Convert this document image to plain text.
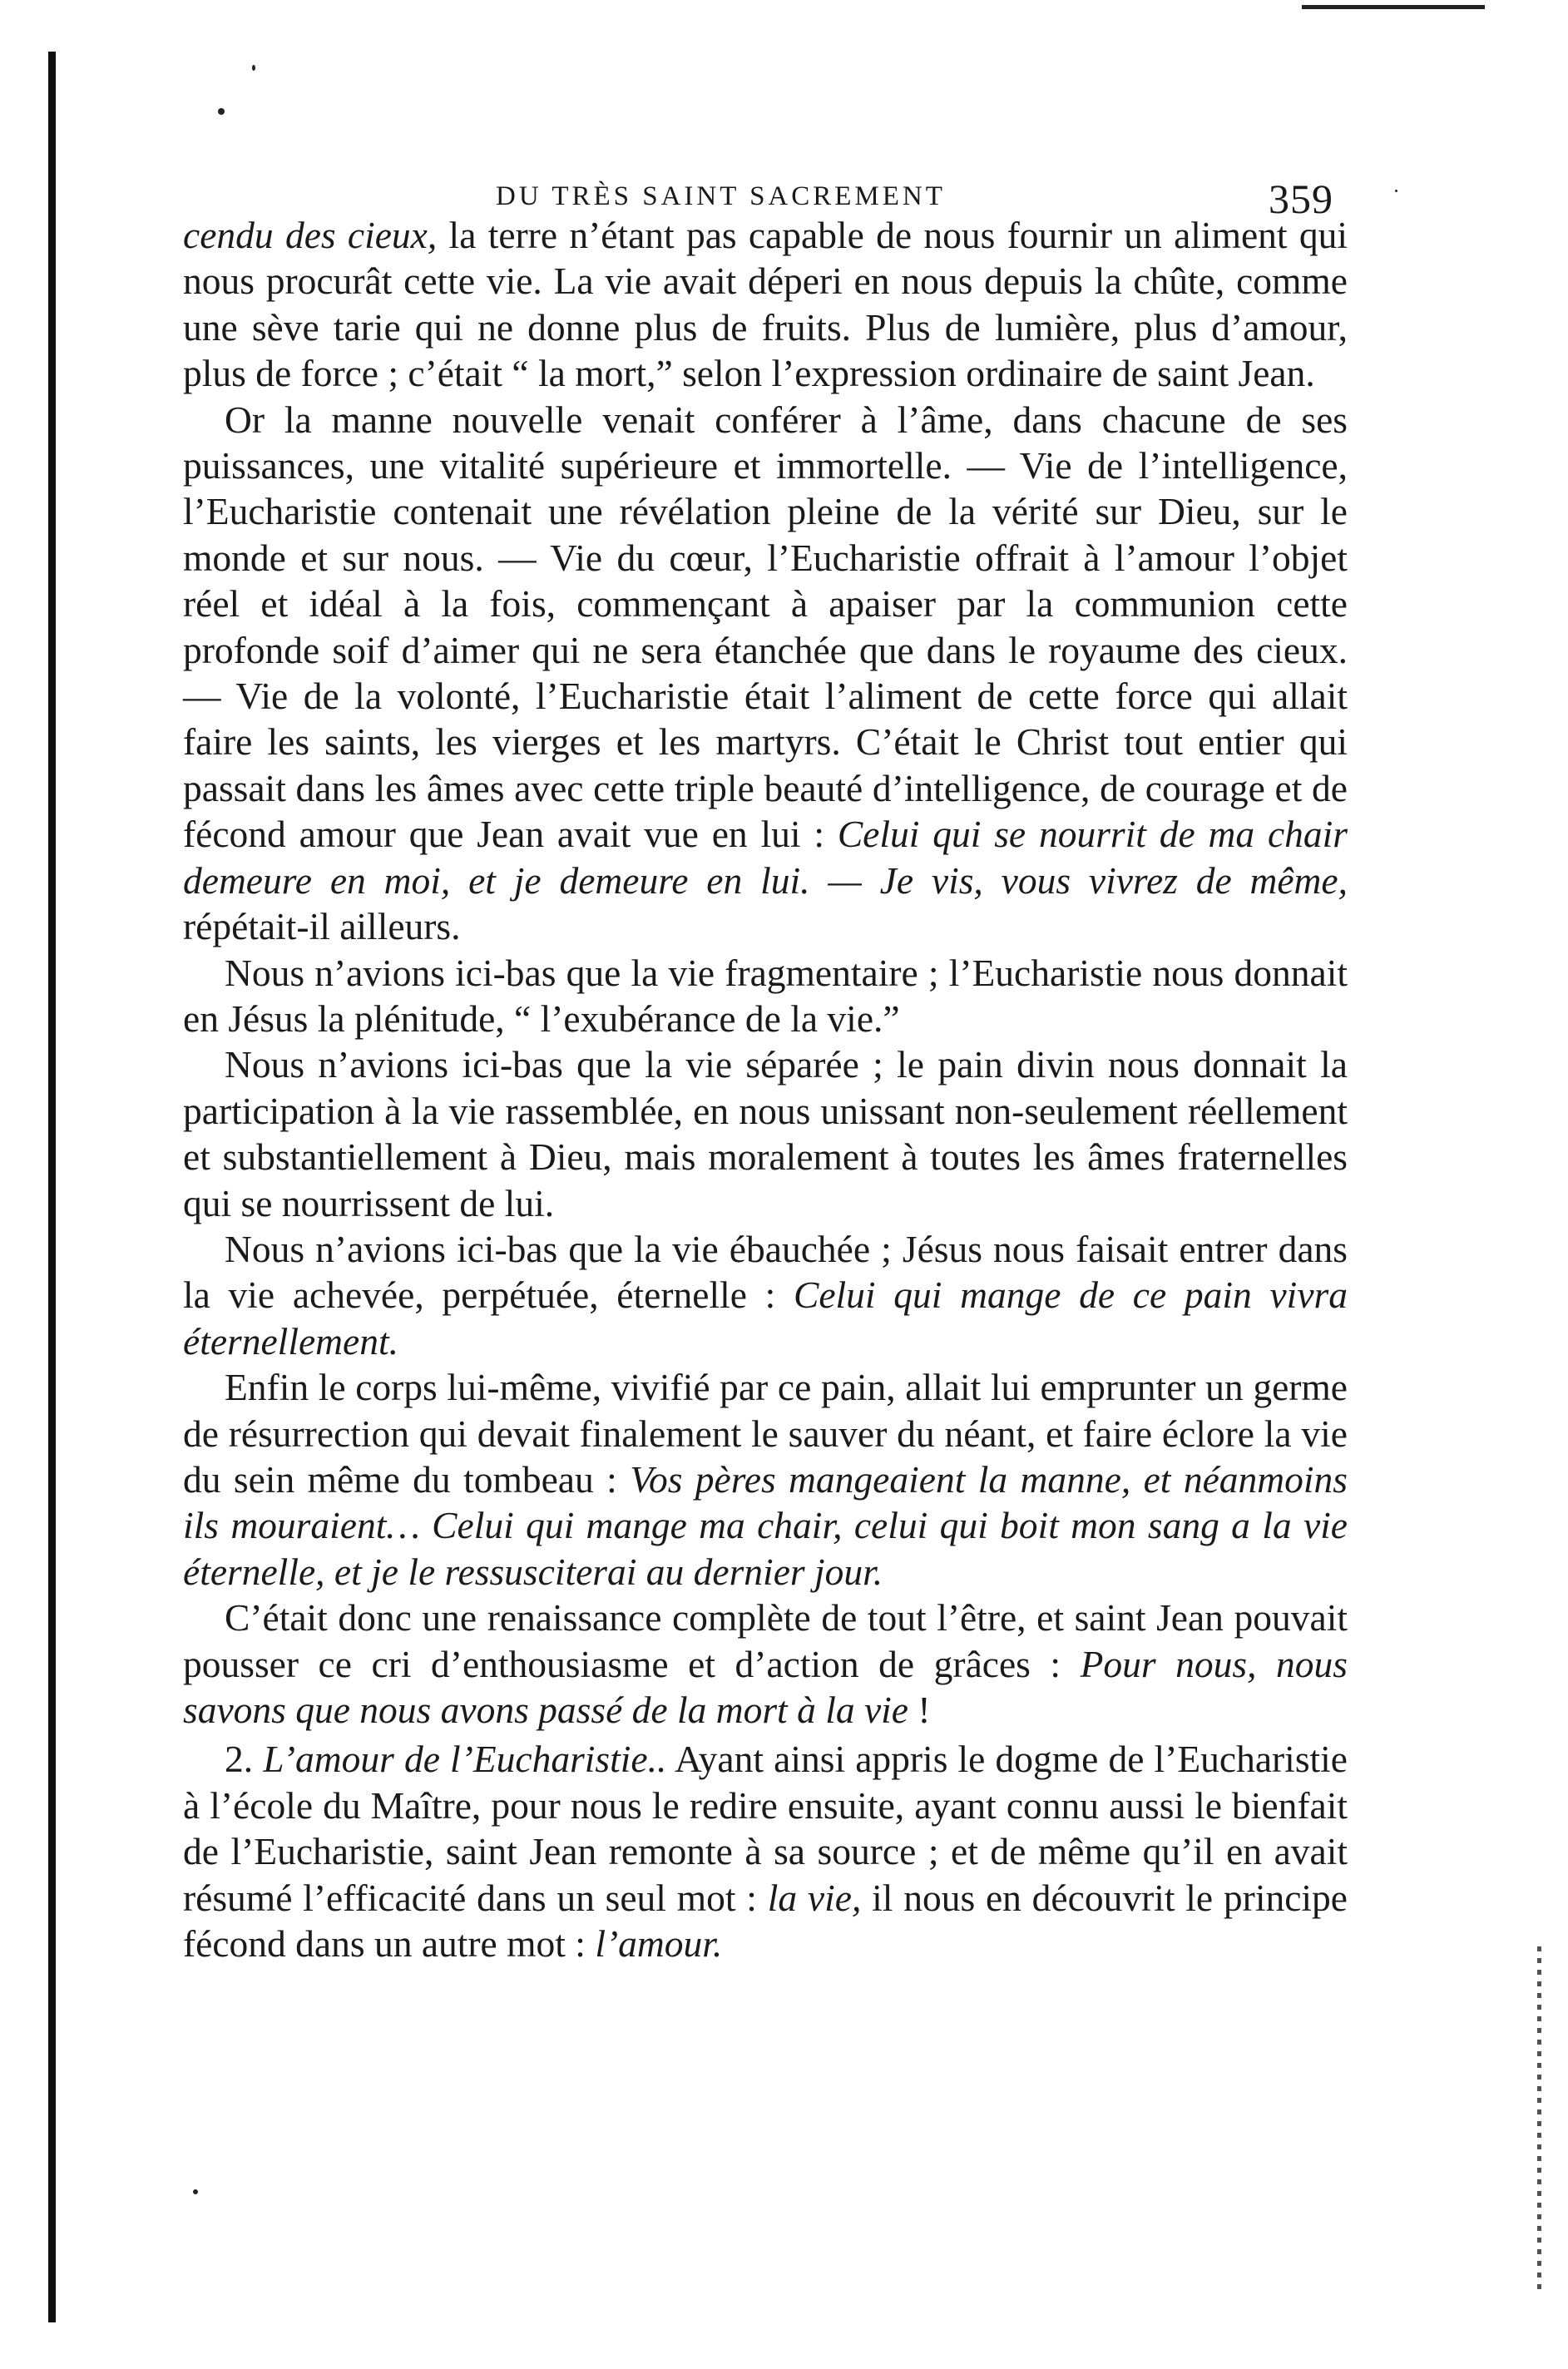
DU TRÈS SAINT SACREMENT	359

cendu des cieux, la terre n’étant pas capable de nous fournir un aliment qui nous procurât cette vie. La vie avait déperi en nous depuis la chûte, comme une sève tarie qui ne donne plus de fruits. Plus de lumière, plus d’amour, plus de force ; c’était “ la mort,” selon l’expression ordinaire de saint Jean.

Or la manne nouvelle venait conférer à l’âme, dans chacune de ses puissances, une vitalité supérieure et immortelle. — Vie de l’intelligence, l’Eucharistie contenait une révélation pleine de la vérité sur Dieu, sur le monde et sur nous. — Vie du cœur, l’Eucharistie offrait à l’amour l’objet réel et idéal à la fois, commençant à apaiser par la communion cette profonde soif d’aimer qui ne sera étanchée que dans le royaume des cieux. — Vie de la volonté, l’Eucharistie était l’aliment de cette force qui allait faire les saints, les vierges et les martyrs. C’était le Christ tout entier qui passait dans les âmes avec cette triple beauté d’intelligence, de courage et de fécond amour que Jean avait vue en lui : Celui qui se nourrit de ma chair demeure en moi, et je demeure en lui. — Je vis, vous vivrez de même, répétait-il ailleurs.

Nous n’avions ici-bas que la vie fragmentaire ; l’Eucharistie nous donnait en Jésus la plénitude, “ l’exubérance de la vie.”

Nous n’avions ici-bas que la vie séparée ; le pain divin nous donnait la participation à la vie rassemblée, en nous unissant non-seulement réellement et substantiellement à Dieu, mais moralement à toutes les âmes fraternelles qui se nourrissent de lui.

Nous n’avions ici-bas que la vie ébauchée ; Jésus nous faisait entrer dans la vie achevée, perpétuée, éternelle : Celui qui mange de ce pain vivra éternellement.

Enfin le corps lui-même, vivifié par ce pain, allait lui emprunter un germe de résurrection qui devait finalement le sauver du néant, et faire éclore la vie du sein même du tombeau : Vos pères mangeaient la manne, et néanmoins ils mouraient… Celui qui mange ma chair, celui qui boit mon sang a la vie éternelle, et je le ressusciterai au dernier jour.

C’était donc une renaissance complète de tout l’être, et saint Jean pouvait pousser ce cri d’enthousiasme et d’action de grâces : Pour nous, nous savons que nous avons passé de la mort à la vie !

2. L’amour de l’Eucharistie.. Ayant ainsi appris le dogme de l’Eucharistie à l’école du Maître, pour nous le redire ensuite, ayant connu aussi le bienfait de l’Eucharistie, saint Jean remonte à sa source ; et de même qu’il en avait résumé l’efficacité dans un seul mot : la vie, il nous en découvrit le principe fécond dans un autre mot : l’amour.
